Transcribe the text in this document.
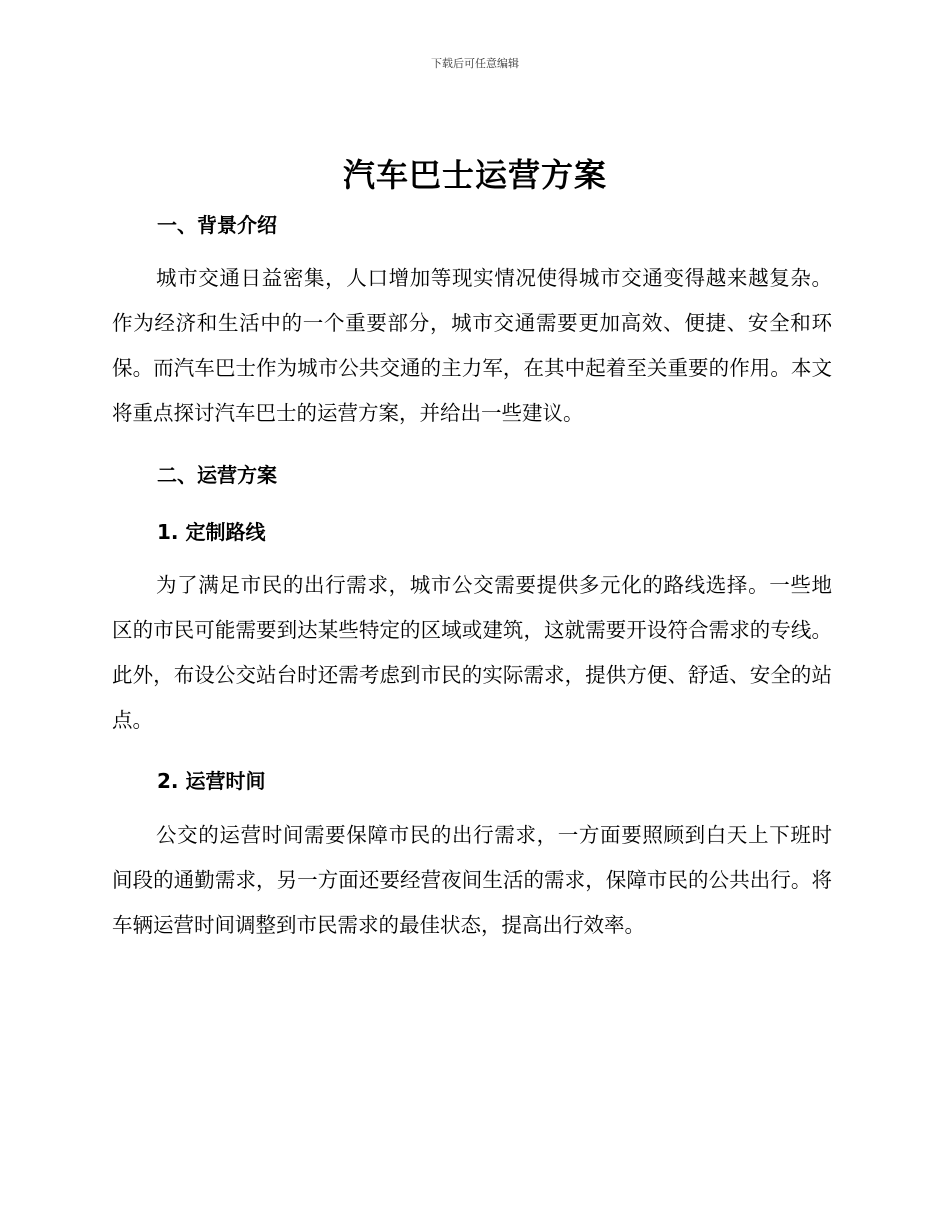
下载后可任意编辑
汽车巴士运营方案
一、背景介绍

城市交通日益密集，人口增加等现实情况使得城市交通变得越来越复杂。作为经济和生活中的一个重要部分，城市交通需要更加高效、便捷、安全和环保。而汽车巴士作为城市公共交通的主力军，在其中起着至关重要的作用。本文将重点探讨汽车巴士的运营方案，并给出一些建议。

二、运营方案
1. 定制路线

为了满足市民的出行需求，城市公交需要提供多元化的路线选择。一些地区的市民可能需要到达某些特定的区域或建筑，这就需要开设符合需求的专线。此外，布设公交站台时还需考虑到市民的实际需求，提供方便、舒适、安全的站点。

2. 运营时间

公交的运营时间需要保障市民的出行需求，一方面要照顾到白天上下班时间段的通勤需求，另一方面还要经营夜间生活的需求，保障市民的公共出行。将车辆运营时间调整到市民需求的最佳状态，提高出行效率。
